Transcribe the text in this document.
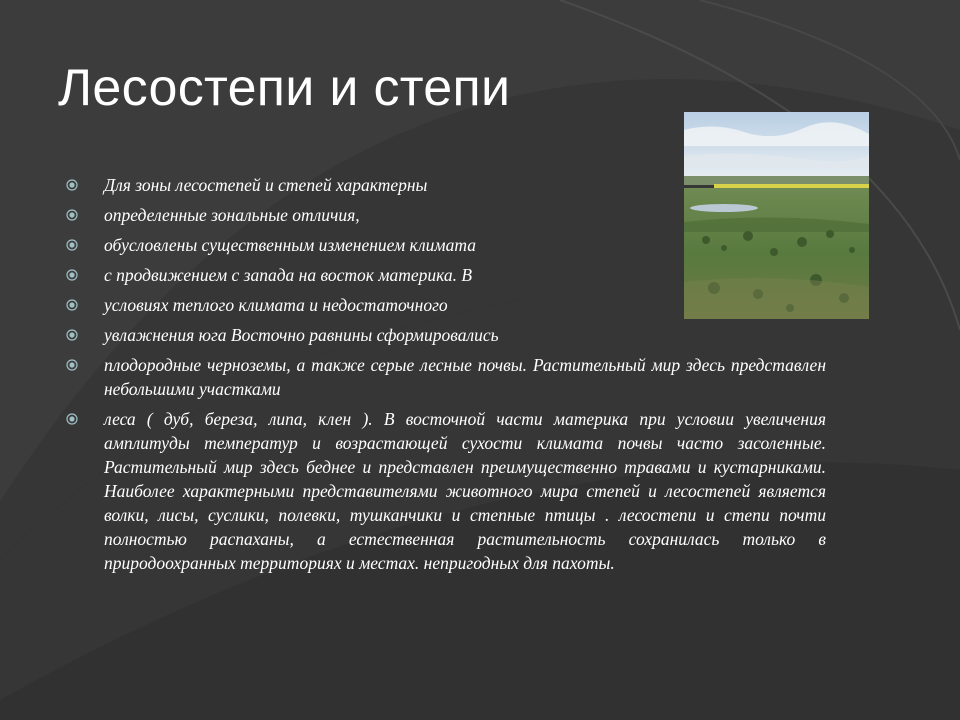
Лесостепи и степи
Для зоны лесостепей и степей характерны
определенные зональные отличия,
обусловлены существенным изменением климата
с продвижением с запада на восток материка. В
условиях теплого климата и недостаточного
увлажнения юга Восточно равнины сформировались
плодородные черноземы, а также серые лесные почвы. Растительный мир здесь представлен небольшими участками
леса ( дуб, береза, липа, клен ). В восточной части материка при условии увеличения амплитуды температур и возрастающей сухости климата почвы часто засоленные. Растительный мир здесь беднее и представлен преимущественно травами и кустарниками. Наиболее характерными представителями животного мира степей и лесостепей является волки, лисы, суслики, полевки, тушканчики и степные птицы . лесостепи и степи почти полностью распаханы, а естественная растительность сохранилась только в природоохранных территориях и местах. непригодных для пахоты.
